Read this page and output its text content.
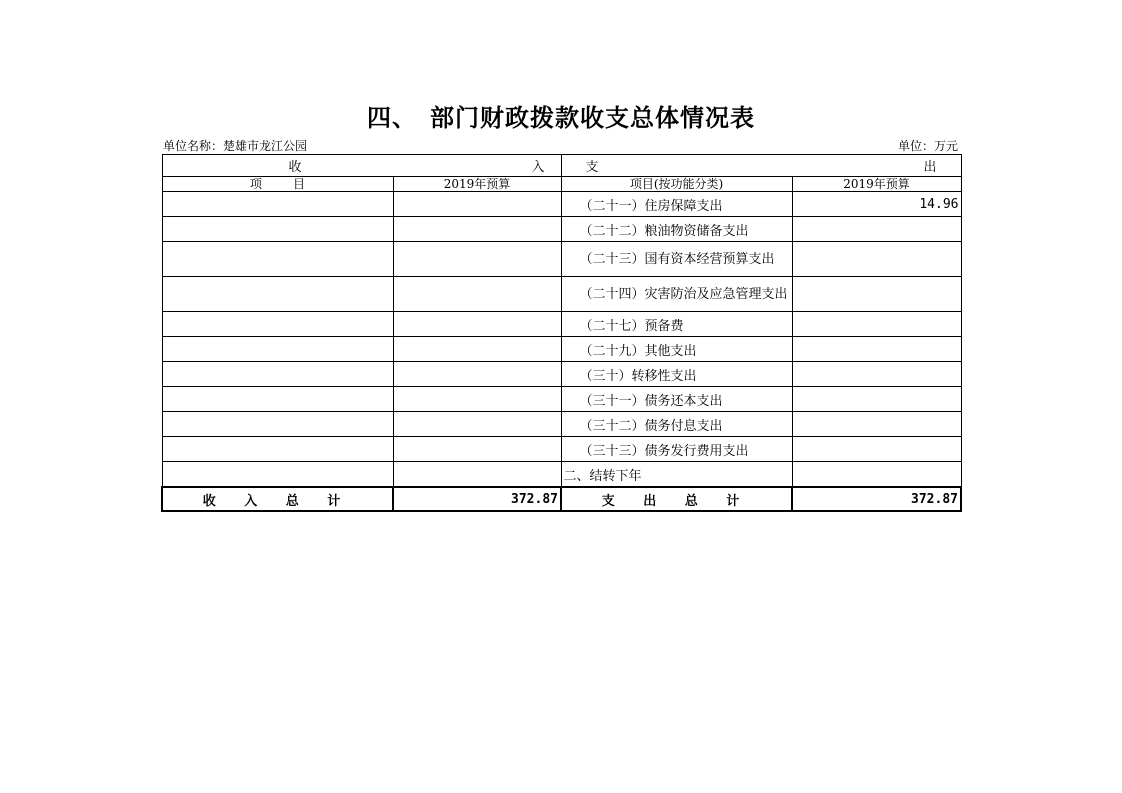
四、　部门财政拨款收支总体情况表
单位名称：楚雄市龙江公园	单位：万元
收 入		支 出	

项 目	2019年预算	项目(按功能分类)	2019年预算
		（二十一）住房保障支出	14.96
		（二十二）粮油物资储备支出	
		（二十三）国有资本经营预算支出	
		（二十四）灾害防治及应急管理支出	
		（二十七）预备费	
		（二十九）其他支出	
		（三十）转移性支出	
		（三十一）债务还本支出	
		（三十二）债务付息支出	
		（三十三）债务发行费用支出	
		二、结转下年	
收 入 总 计	372.87	支 出 总 计	372.87
